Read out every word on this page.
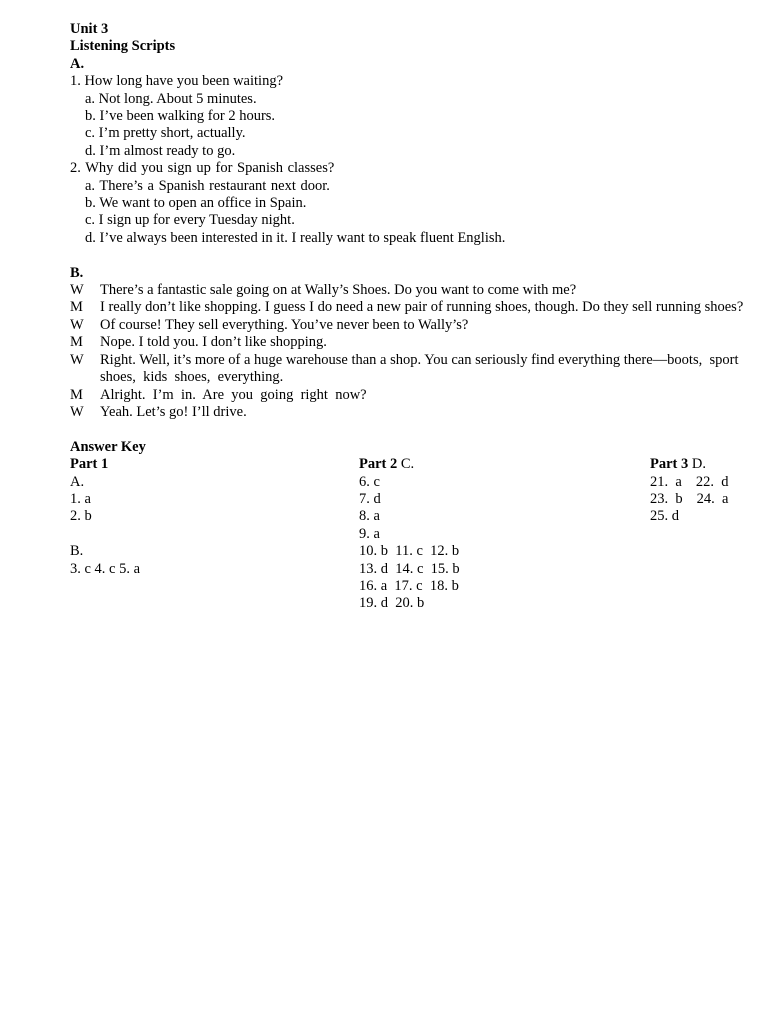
Unit 3
Listening Scripts
A.
1. How long have you been waiting?
a. Not long. About 5 minutes.
b. I’ve been walking for 2 hours.
c. I’m pretty short, actually.
d. I’m almost ready to go.
2. Why did you sign up for Spanish classes?
a. There’s a Spanish restaurant next door.
b. We want to open an office in Spain.
c. I sign up for every Tuesday night.
d. I’ve always been interested in it. I really want to speak fluent English.
B.
W	There’s a fantastic sale going on at Wally’s Shoes. Do you want to come with me?
M	I really don’t like shopping. I guess I do need a new pair of running shoes, though. Do they sell running shoes?
W	Of course! They sell everything. You’ve never been to Wally’s?
M	Nope. I told you. I don’t like shopping.
W	Right. Well, it’s more of a huge warehouse than a shop. You can seriously find everything there—boots,  sport  shoes,  kids  shoes,  everything.
M	Alright.  I’m  in.  Are  you  going  right  now?
W	Yeah. Let’s go! I’ll drive.
Answer Key
Part 1
A.
1. a
2. b
B.
3. c 4. c 5. a
Part 2 C.
6. c
7. d
8. a
9. a
10. b  11. c  12. b
13. d  14. c  15. b
16. a  17. c  18. b
19. d  20. b
Part 3 D.
21.  a 22.  d
23.  b 24.  a
25. d
